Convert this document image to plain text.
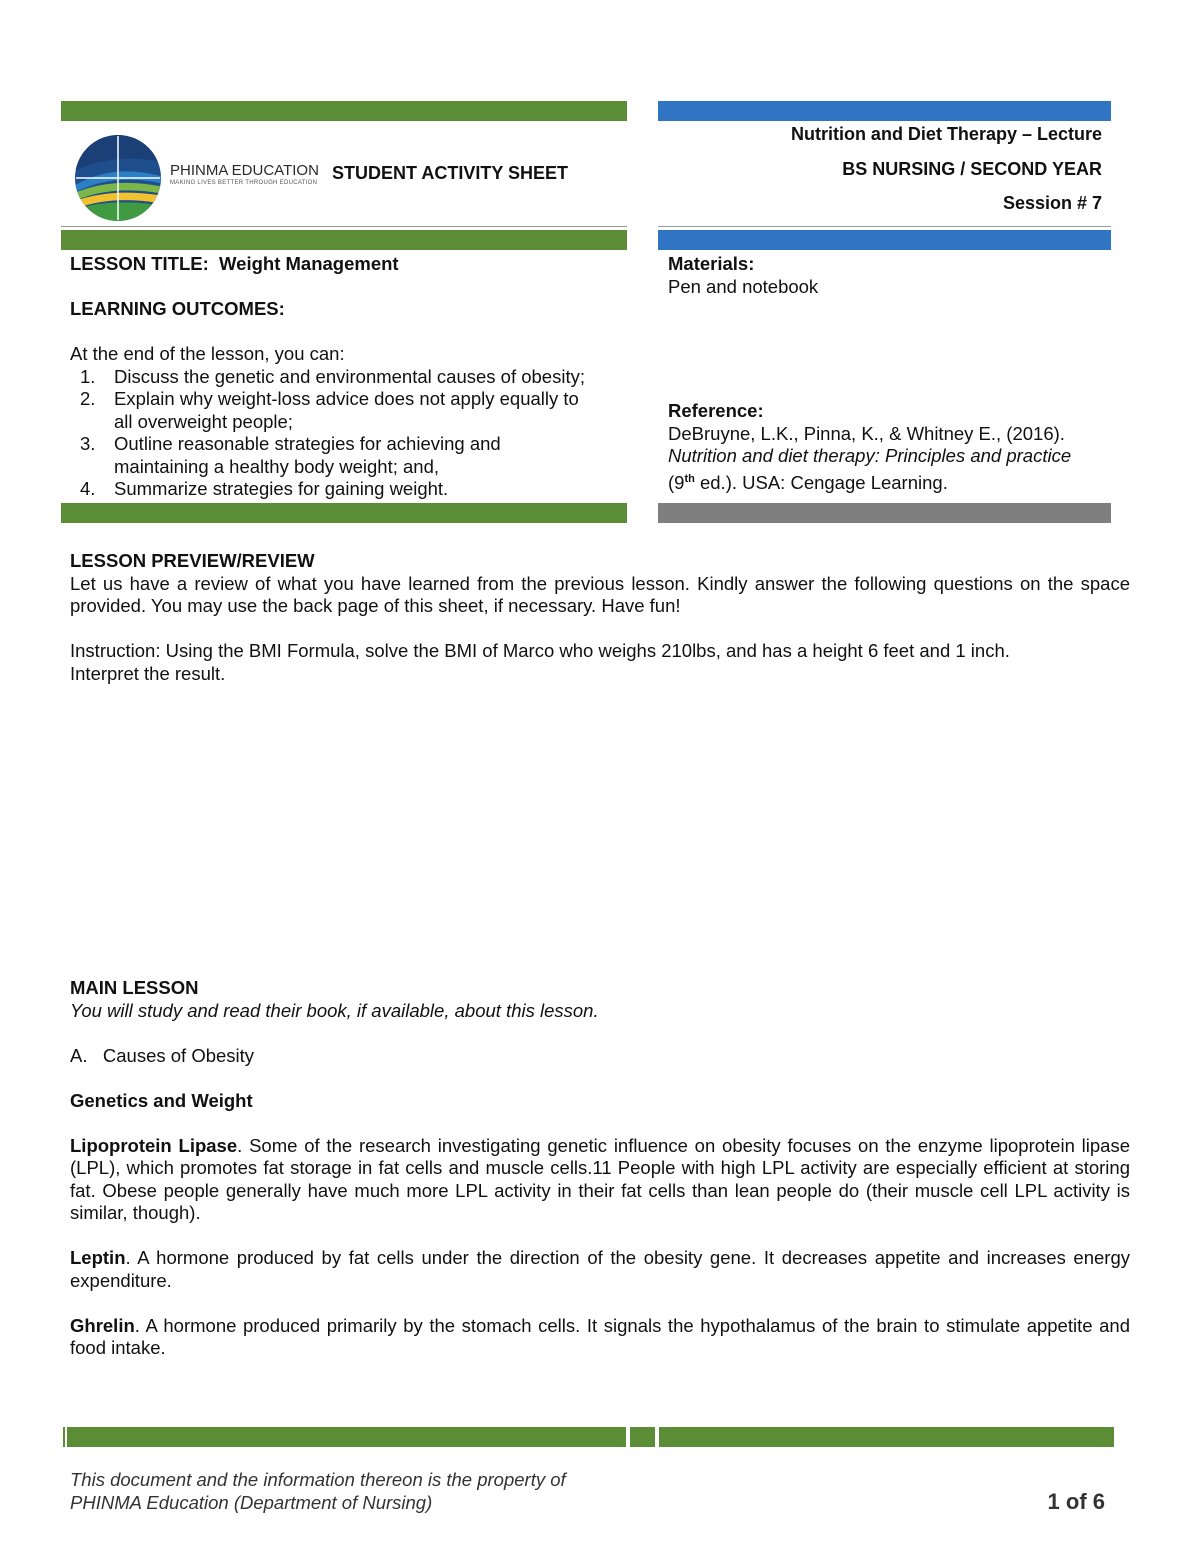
PHINMA EDUCATION
MAKING LIVES BETTER THROUGH EDUCATION STUDENT ACTIVITY SHEET
Nutrition and Diet Therapy – Lecture
BS NURSING / SECOND YEAR
Session # 7
LESSON TITLE: Weight Management
LEARNING OUTCOMES:
At the end of the lesson, you can:
1. Discuss the genetic and environmental causes of obesity;
2. Explain why weight-loss advice does not apply equally to
all overweight people;
3. Outline reasonable strategies for achieving and
maintaining a healthy body weight; and,
4. Summarize strategies for gaining weight.
Materials:
Pen and notebook
Reference:
DeBruyne, L.K., Pinna, K., & Whitney E., (2016).
Nutrition and diet therapy: Principles and practice
(9th ed.). USA: Cengage Learning.
LESSON PREVIEW/REVIEW
Let us have a review of what you have learned from the previous lesson. Kindly answer the following questions on the space provided. You may use the back page of this sheet, if necessary. Have fun!
Instruction: Using the BMI Formula, solve the BMI of Marco who weighs 210lbs, and has a height 6 feet and 1 inch.
Interpret the result.
MAIN LESSON
You will study and read their book, if available, about this lesson.
A.   Causes of Obesity
Genetics and Weight
Lipoprotein Lipase. Some of the research investigating genetic influence on obesity focuses on the enzyme lipoprotein lipase (LPL), which promotes fat storage in fat cells and muscle cells.11 People with high LPL activity are especially efficient at storing fat. Obese people generally have much more LPL activity in their fat cells than lean people do (their muscle cell LPL activity is similar, though).
Leptin. A hormone produced by fat cells under the direction of the obesity gene. It decreases appetite and increases energy expenditure.
Ghrelin. A hormone produced primarily by the stomach cells. It signals the hypothalamus of the brain to stimulate appetite and food intake.
This document and the information thereon is the property of
PHINMA Education (Department of Nursing)	1 of 6
